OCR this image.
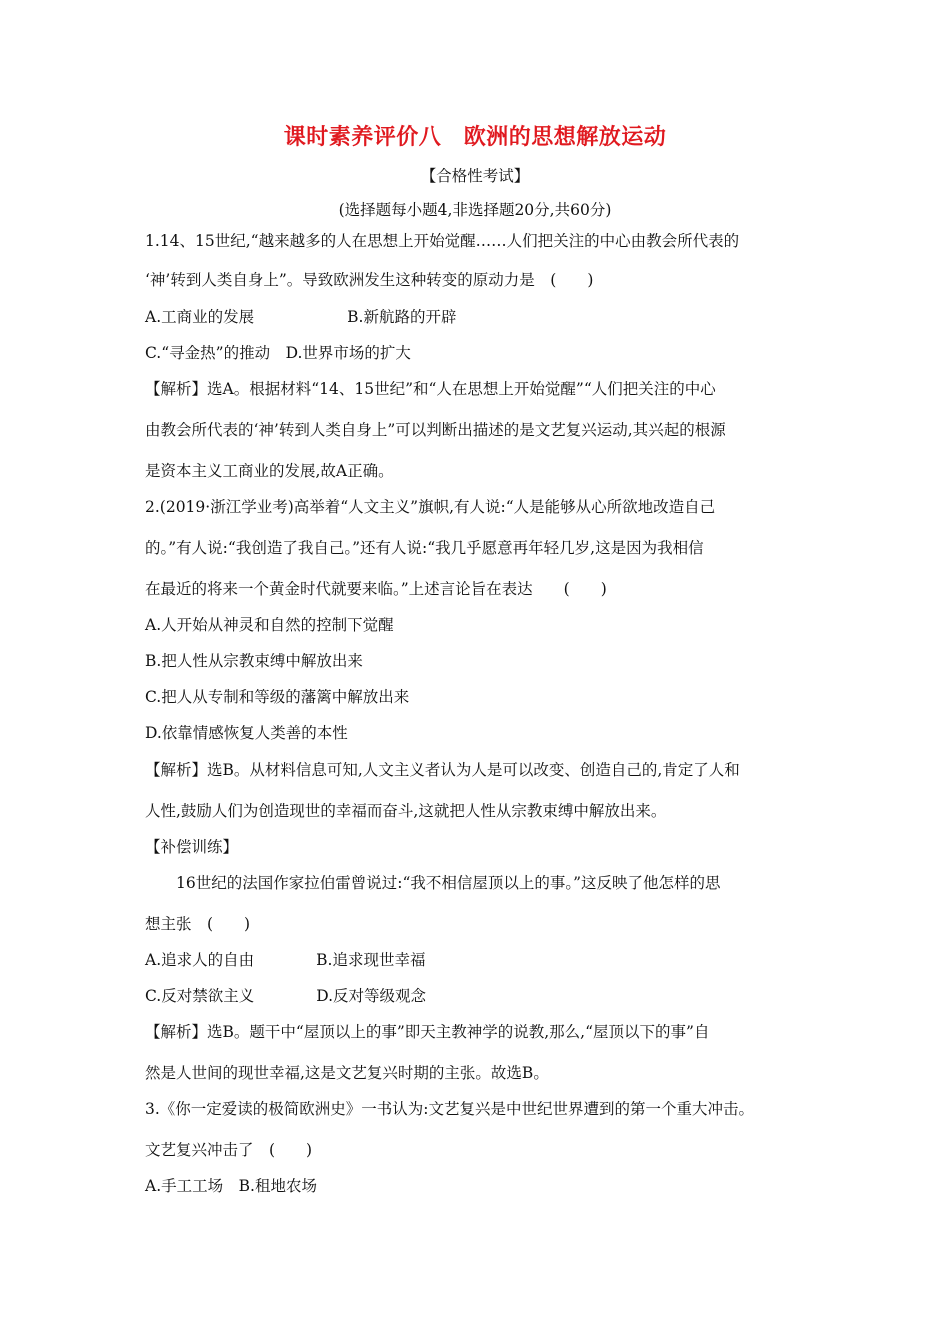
课时素养评价八　欧洲的思想解放运动
【合格性考试】
(选择题每小题4,非选择题20分,共60分)
1.14、15世纪,“越来越多的人在思想上开始觉醒……人们把关注的中心由教会所代表的
‘神’转到人类自身上”。导致欧洲发生这种转变的原动力是　(　　)
A.工商业的发展　　　　　　B.新航路的开辟
C.“寻金热”的推动　D.世界市场的扩大
【解析】选A。根据材料“14、15世纪”和“人在思想上开始觉醒”“人们把关注的中心
由教会所代表的‘神’转到人类自身上”可以判断出描述的是文艺复兴运动,其兴起的根源
是资本主义工商业的发展,故A正确。
2.(2019·浙江学业考)高举着“人文主义”旗帜,有人说:“人是能够从心所欲地改造自己
的。”有人说:“我创造了我自己。”还有人说:“我几乎愿意再年轻几岁,这是因为我相信
在最近的将来一个黄金时代就要来临。”上述言论旨在表达　　(　　)
A.人开始从神灵和自然的控制下觉醒
B.把人性从宗教束缚中解放出来
C.把人从专制和等级的藩篱中解放出来
D.依靠情感恢复人类善的本性
【解析】选B。从材料信息可知,人文主义者认为人是可以改变、创造自己的,肯定了人和
人性,鼓励人们为创造现世的幸福而奋斗,这就把人性从宗教束缚中解放出来。
【补偿训练】
　　16世纪的法国作家拉伯雷曾说过:“我不相信屋顶以上的事。”这反映了他怎样的思
想主张　(　　)
A.追求人的自由　　　　B.追求现世幸福
C.反对禁欲主义　　　　D.反对等级观念
【解析】选B。题干中“屋顶以上的事”即天主教神学的说教,那么,“屋顶以下的事”自
然是人世间的现世幸福,这是文艺复兴时期的主张。故选B。
3.《你一定爱读的极简欧洲史》一书认为:文艺复兴是中世纪世界遭到的第一个重大冲击。
文艺复兴冲击了　(　　)
A.手工工场　B.租地农场
